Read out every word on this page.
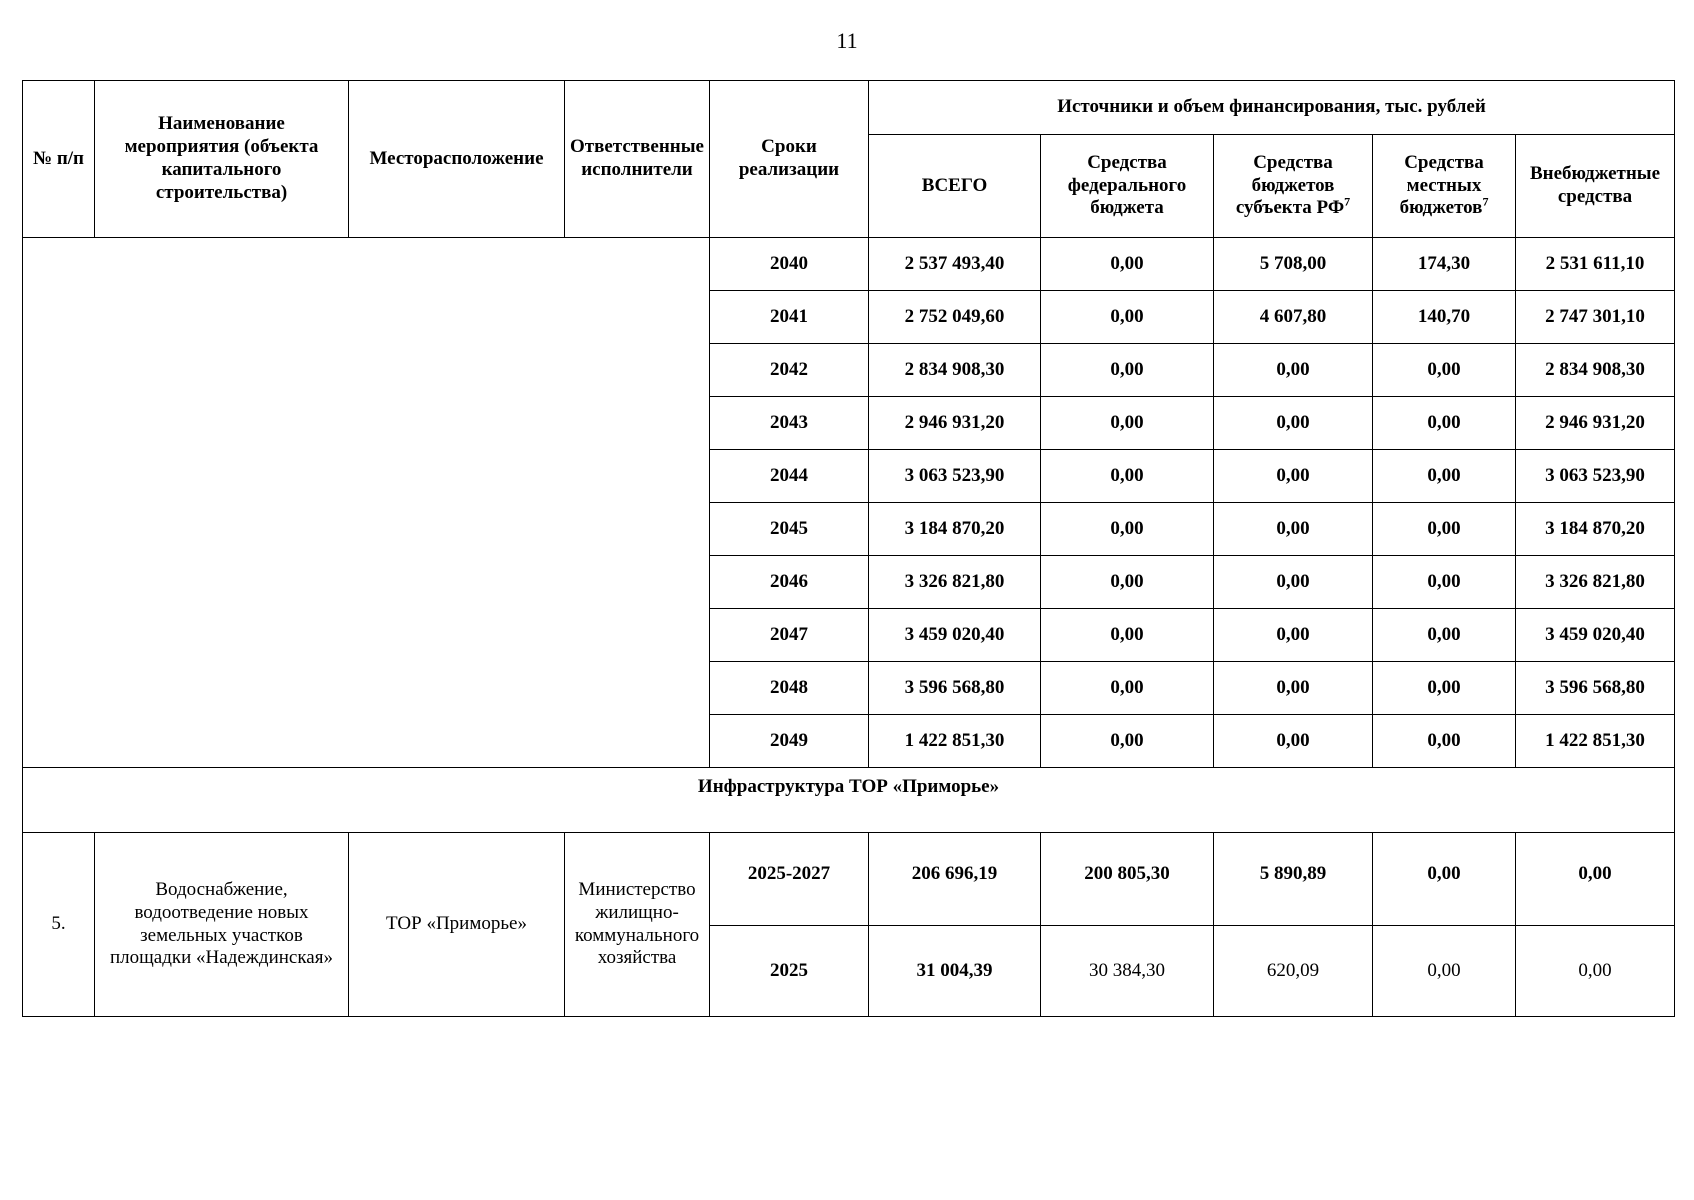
11
№ п/п	Наименование мероприятия (объекта капитального строительства)	Месторасположение	Ответственные исполнители	Сроки реализации	Источники и объем финансирования, тыс. рублей				
					ВСЕГО	Средства федерального бюджета	Средства бюджетов субъекта $РФ^7$	Средства местных бюджетов$^7$	Внебюджетные средства
				2040	2 537 493,40	0,00	5 708,00	174,30	2 531 611,10
				2041	2 752 049,60	0,00	4 607,80	140,70	2 747 301,10
				2042	2 834 908,30	0,00	0,00	0,00	2 834 908,30
				2043	2 946 931,20	0,00	0,00	0,00	2 946 931,20
				2044	3 063 523,90	0,00	0,00	0,00	3 063 523,90
				2045	3 184 870,20	0,00	0,00	0,00	3 184 870,20
				2046	3 326 821,80	0,00	0,00	0,00	3 326 821,80
				2047	3 459 020,40	0,00	0,00	0,00	3 459 020,40
				2048	3 596 568,80	0,00	0,00	0,00	3 596 568,80
				2049	1 422 851,30	0,00	0,00	0,00	1 422 851,30
Инфраструктура ТОР «Приморье»									
5.	Водоснабжение, водоотведение новых земельных участков площадки «Надеждинская»	ТОР «Приморье»	Министерство жилищно-коммунального хозяйства	2025-2027	206 696,19	200 805,30	5 890,89	0,00	0,00
				2025	31 004,39	30 384,30	620,09	0,00	0,00
